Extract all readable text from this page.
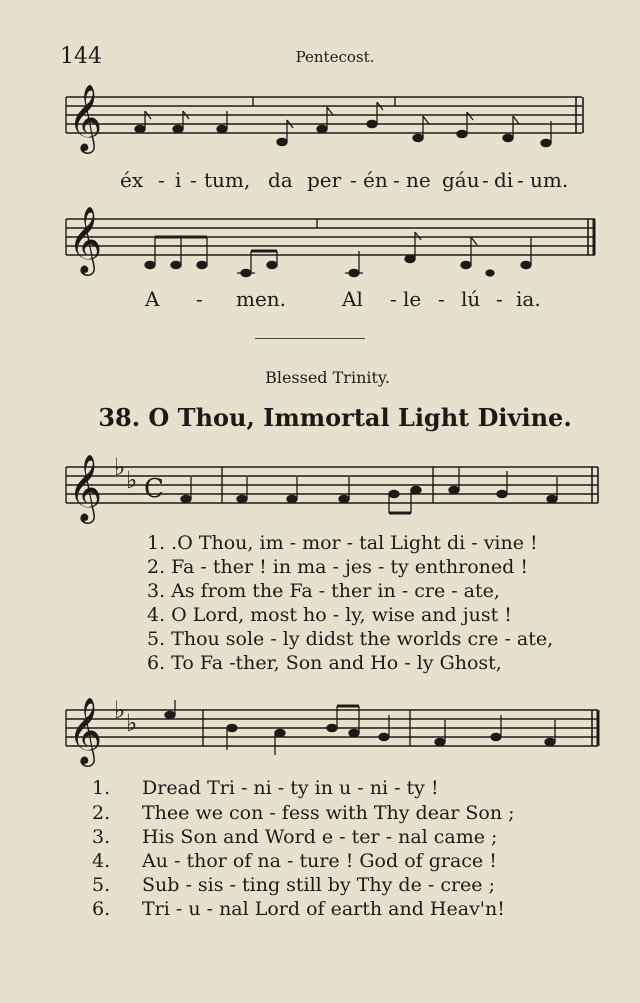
144	Pentecost.
𝄞
éx - i - tum, da per - én - ne gáu - di - um.
𝄞
A - men.	Al - le - lú - ia.
Blessed Trinity.
38. O Thou, Immortal Light Divine.
𝄞 ♭ ♭ C
1. .O Thou, im - mor - tal Light di - vine !
2. Fa - ther ! in ma - jes - ty enthroned !
3. As from the Fa - ther in - cre - ate,
4. O Lord, most ho - ly, wise and just !
5. Thou sole - ly didst the worlds cre - ate,
6. To Fa -ther, Son and Ho - ly Ghost,
𝄞 ♭ ♭
1. Dread Tri - ni - ty in u - ni - ty !
2. Thee we con - fess with Thy dear Son ;
3. His Son and Word e - ter - nal came ;
4. Au - thor of na - ture ! God of grace !
5. Sub - sis - ting still by Thy de - cree ;
6. Tri - u - nal Lord of earth and Heav'n!
